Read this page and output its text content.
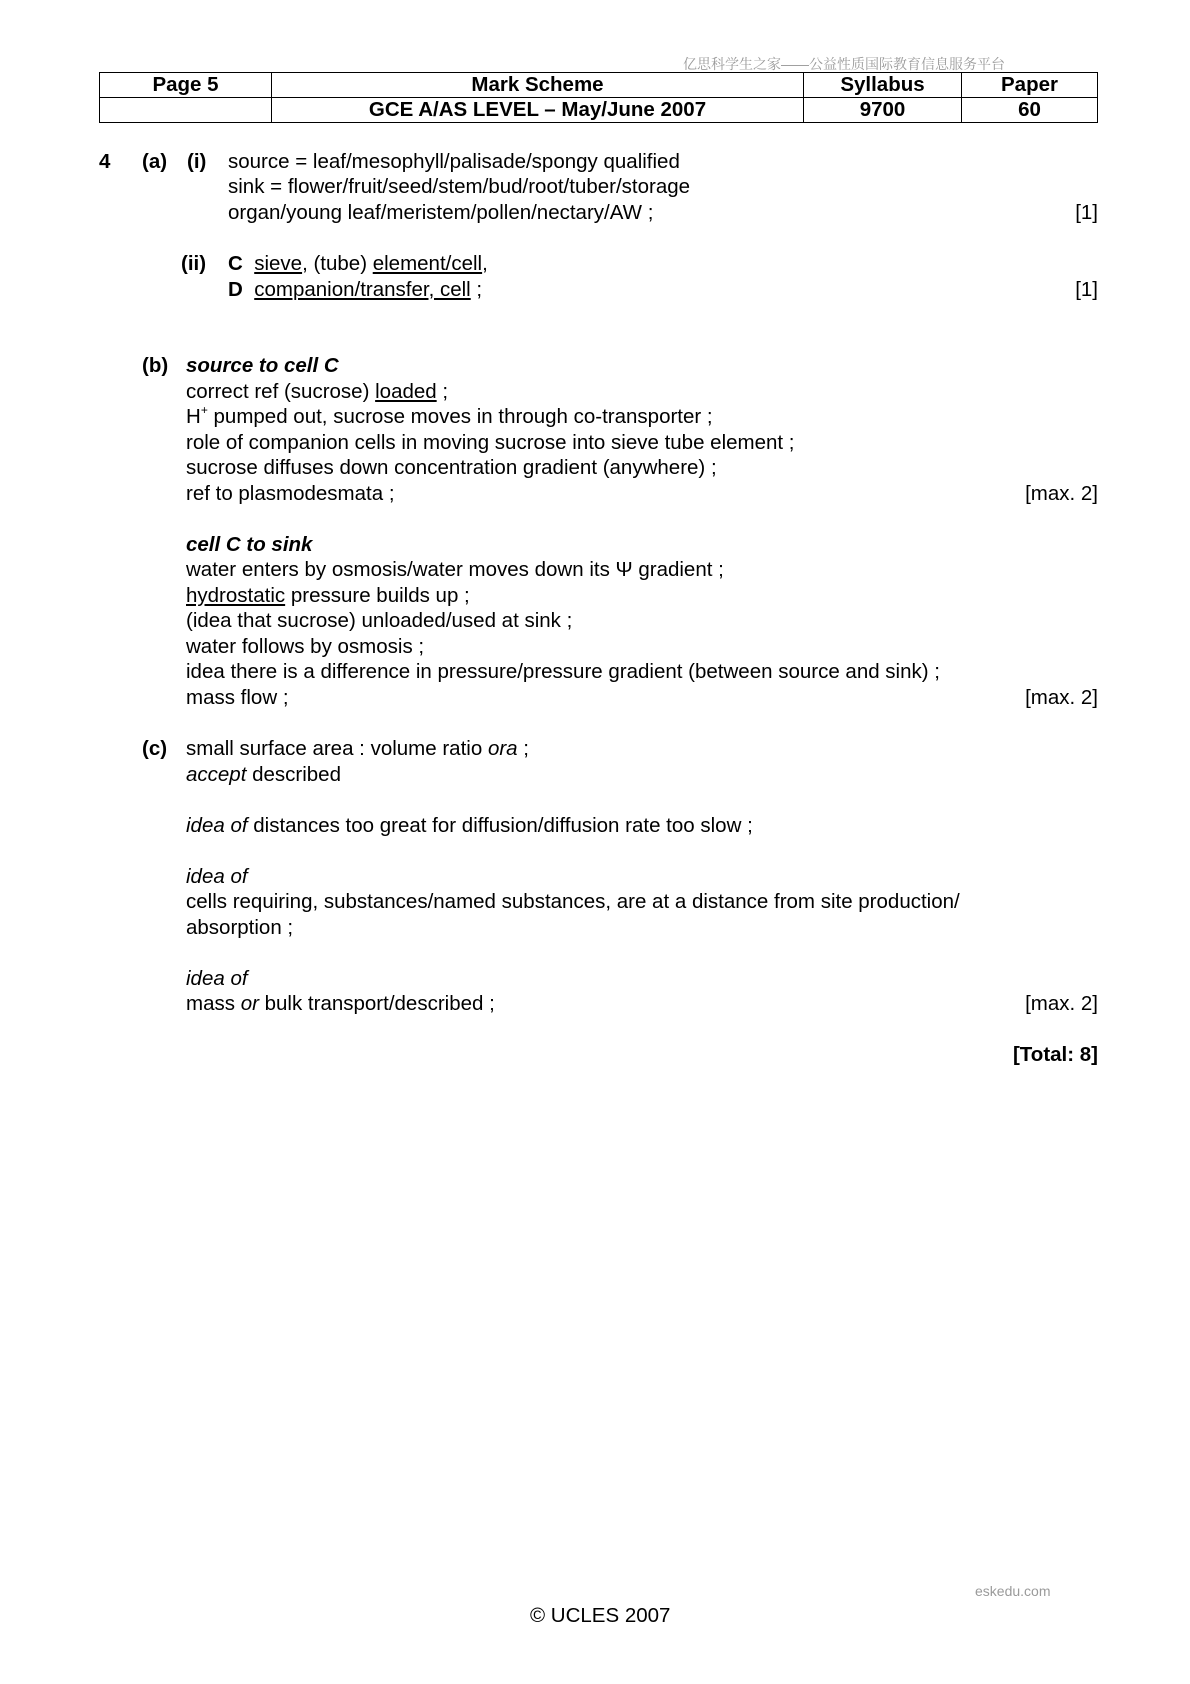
亿思科学生之家——公益性质国际教育信息服务平台
Page 5	Mark Scheme	Syllabus	Paper
	GCE A/AS LEVEL – May/June 2007	9700	60
4 (a) (i) source = leaf/mesophyll/palisade/spongy qualified
sink = flower/fruit/seed/stem/bud/root/tuber/storage
organ/young leaf/meristem/pollen/nectary/AW ;	[1]
(ii) C sieve, (tube) element/cell,
D companion/transfer, cell ;	[1]
(b) source to cell C
correct ref (sucrose) loaded ;
H+ pumped out, sucrose moves in through co-transporter ;
role of companion cells in moving sucrose into sieve tube element ;
sucrose diffuses down concentration gradient (anywhere) ;
ref to plasmodesmata ;	[max. 2]
cell C to sink
water enters by osmosis/water moves down its Ψ gradient ;
hydrostatic pressure builds up ;
(idea that sucrose) unloaded/used at sink ;
water follows by osmosis ;
idea there is a difference in pressure/pressure gradient (between source and sink) ;
mass flow ;	[max. 2]
(c) small surface area : volume ratio ora ;
accept described
idea of distances too great for diffusion/diffusion rate too slow ;
idea of
cells requiring, substances/named substances, are at a distance from site production/
absorption ;
idea of
mass or bulk transport/described ;	[max. 2]
[Total: 8]
eskedu.com
© UCLES 2007
